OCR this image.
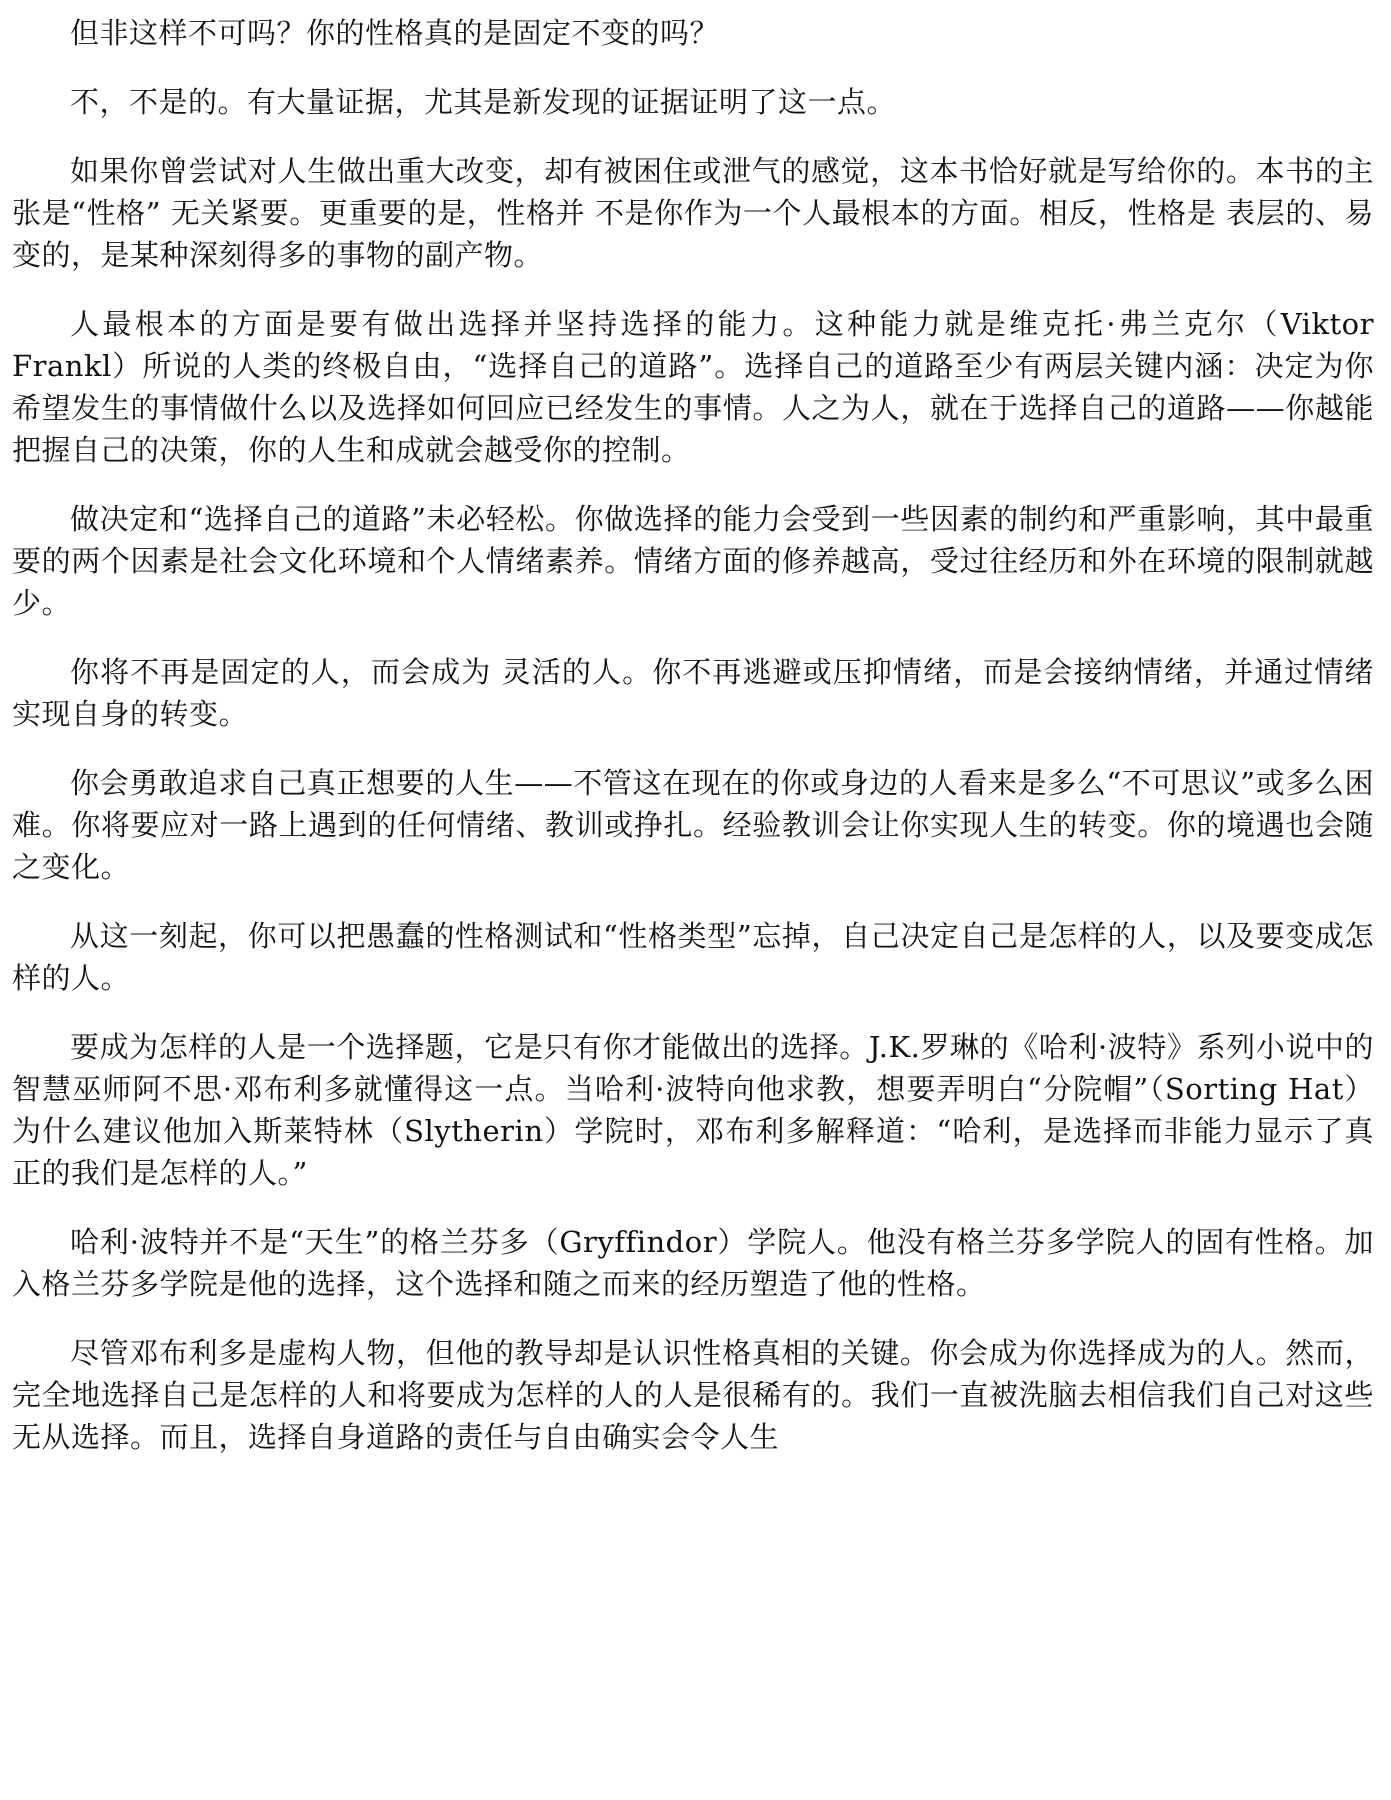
但非这样不可吗？你的性格真的是固定不变的吗？

不，不是的。有大量证据，尤其是新发现的证据证明了这一点。

如果你曾尝试对人生做出重大改变，却有被困住或泄气的感觉，这本书恰好就是写给你的。本书的主张是“性格” 无关紧要。更重要的是，性格并 不是你作为一个人最根本的方面。相反，性格是 表层的、易变的，是某种深刻得多的事物的副产物。

人最根本的方面是要有做出选择并坚持选择的能力。这种能力就是维克托·弗兰克尔（Viktor Frankl）所说的人类的终极自由，“选择自己的道路”。选择自己的道路至少有两层关键内涵：决定为你希望发生的事情做什么以及选择如何回应已经发生的事情。人之为人，就在于选择自己的道路——你越能把握自己的决策，你的人生和成就会越受你的控制。

做决定和“选择自己的道路”未必轻松。你做选择的能力会受到一些因素的制约和严重影响，其中最重要的两个因素是社会文化环境和个人情绪素养。情绪方面的修养越高，受过往经历和外在环境的限制就越少。

你将不再是固定的人，而会成为 灵活的人。你不再逃避或压抑情绪，而是会接纳情绪，并通过情绪实现自身的转变。

你会勇敢追求自己真正想要的人生——不管这在现在的你或身边的人看来是多么“不可思议”或多么困难。你将要应对一路上遇到的任何情绪、教训或挣扎。经验教训会让你实现人生的转变。你的境遇也会随之变化。

从这一刻起，你可以把愚蠢的性格测试和“性格类型”忘掉，自己决定自己是怎样的人，以及要变成怎样的人。

要成为怎样的人是一个选择题，它是只有你才能做出的选择。J.K.罗琳的《哈利·波特》系列小说中的智慧巫师阿不思·邓布利多就懂得这一点。当哈利·波特向他求教，想要弄明白“分院帽”（Sorting Hat）为什么建议他加入斯莱特林（Slytherin）学院时，邓布利多解释道：“哈利，是选择而非能力显示了真正的我们是怎样的人。”

哈利·波特并不是“天生”的格兰芬多（Gryffindor）学院人。他没有格兰芬多学院人的固有性格。加入格兰芬多学院是他的选择，这个选择和随之而来的经历塑造了他的性格。

尽管邓布利多是虚构人物，但他的教导却是认识性格真相的关键。你会成为你选择成为的人。然而， 完全地选择自己是怎样的人和将要成为怎样的人的人是很稀有的。我们一直被洗脑去相信我们自己对这些无从选择。而且，选择自身道路的责任与自由确实会令人生
